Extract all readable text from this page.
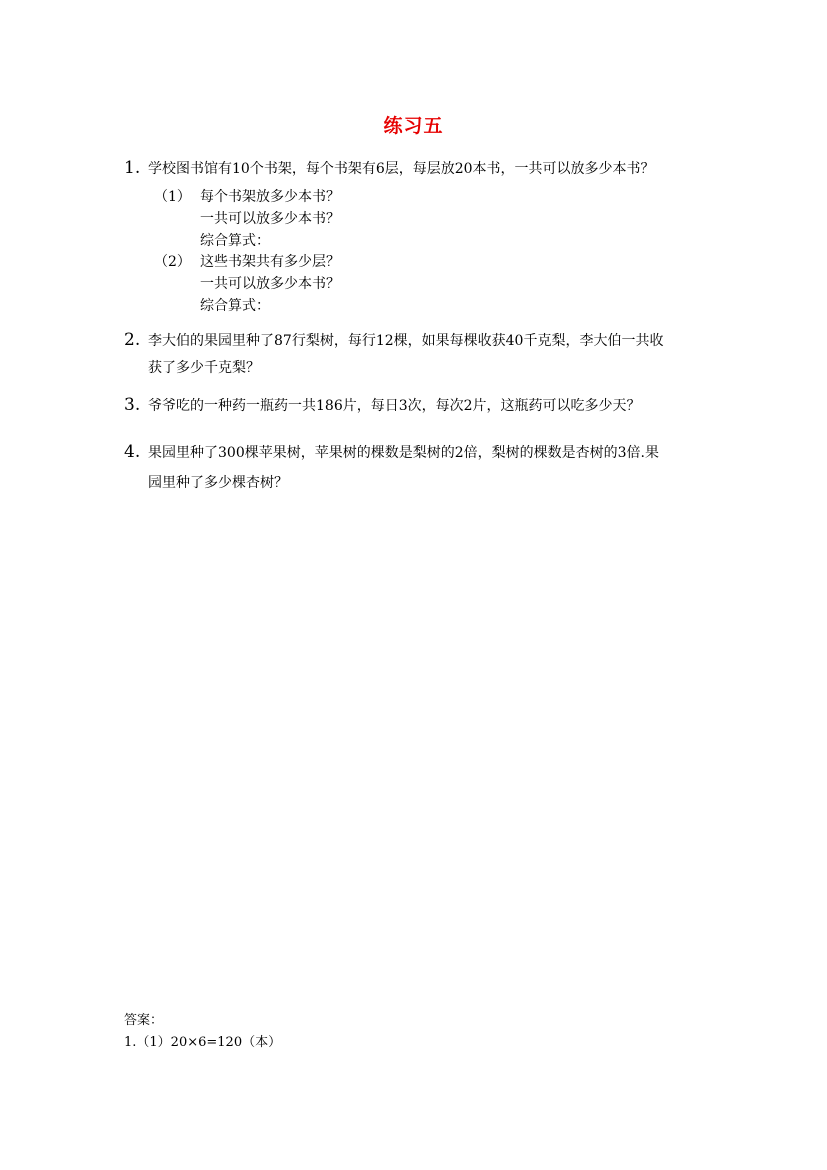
练习五
1. 学校图书馆有10个书架，每个书架有6层，每层放20本书，一共可以放多少本书？
（1） 每个书架放多少本书？
一共可以放多少本书？
综合算式：
（2） 这些书架共有多少层？
一共可以放多少本书？
综合算式：
2. 李大伯的果园里种了87行梨树，每行12棵，如果每棵收获40千克梨，李大伯一共收
获了多少千克梨？
3. 爷爷吃的一种药一瓶药一共186片，每日3次，每次2片，这瓶药可以吃多少天？
4. 果园里种了300棵苹果树，苹果树的棵数是梨树的2倍，梨树的棵数是杏树的3倍.果
园里种了多少棵杏树？
答案：
1.（1）20×6=120（本）
